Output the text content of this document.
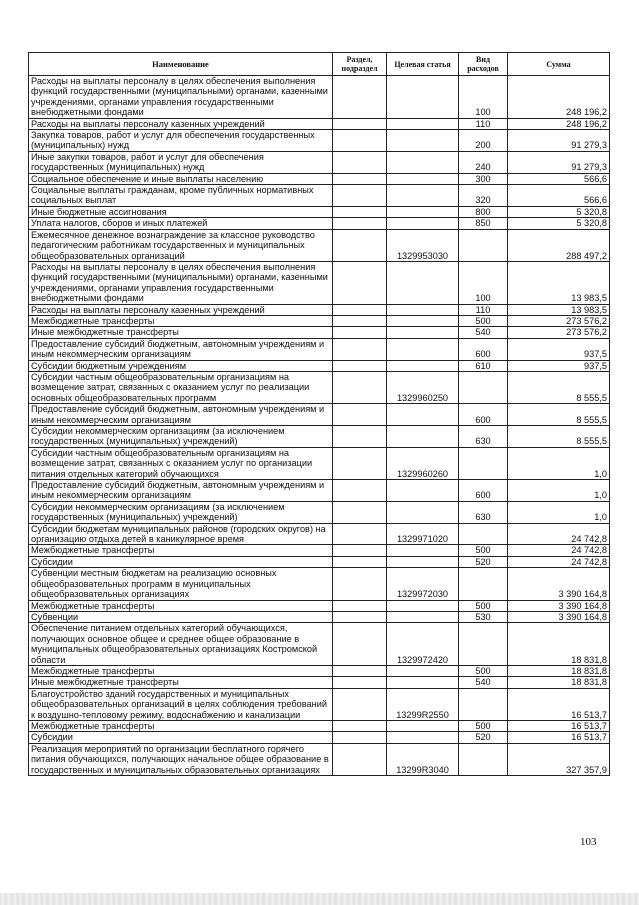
Наименование	Раздел, подраздел	Целевая статья	Вид расходов	Сумма
Расходы на выплаты персоналу в целях обеспечения выполнения функций государственными (муниципальными) органами, казенными учреждениями, органами управления государственными внебюджетными фондами			100	248 196,2
Расходы на выплаты персоналу казенных учреждений			110	248 196,2
Закупка товаров, работ и услуг для обеспечения государственных (муниципальных) нужд			200	91 279,3
Иные закупки товаров, работ и услуг для обеспечения государственных (муниципальных) нужд			240	91 279,3
Социальное обеспечение и иные выплаты населению			300	566,6
Социальные выплаты гражданам, кроме публичных нормативных социальных выплат			320	566,6
Иные бюджетные ассигнования			800	5 320,8
Уплата налогов, сборов и иных платежей			850	5 320,8
Ежемесячное денежное вознаграждение за классное руководство педагогическим работникам государственных и муниципальных общеобразовательных организаций		1329953030		288 497,2
Расходы на выплаты персоналу в целях обеспечения выполнения функций государственными (муниципальными) органами, казенными учреждениями, органами управления государственными внебюджетными фондами			100	13 983,5
Расходы на выплаты персоналу казенных учреждений			110	13 983,5
Межбюджетные трансферты			500	273 576,2
Иные межбюджетные трансферты			540	273 576,2
Предоставление субсидий бюджетным, автономным учреждениям и иным некоммерческим организациям			600	937,5
Субсидии бюджетным учреждениям			610	937,5
Субсидии частным общеобразовательным организациям на возмещение затрат, связанных с оказанием услуг по реализации основных общеобразовательных программ		1329960250		8 555,5
Предоставление субсидий бюджетным, автономным учреждениям и иным некоммерческим организациям			600	8 555,5
Субсидии некоммерческим организациям (за исключением государственных (муниципальных) учреждений)			630	8 555,5
Субсидии частным общеобразовательным организациям на возмещение затрат, связанных с оказанием услуг по организации питания отдельных категорий обучающихся		1329960260		1,0
Предоставление субсидий бюджетным, автономным учреждениям и иным некоммерческим организациям			600	1,0
Субсидии некоммерческим организациям (за исключением государственных (муниципальных) учреждений)			630	1,0
Субсидии бюджетам муниципальных районов (городских округов) на организацию отдыха детей в каникулярное время		1329971020		24 742,8
Межбюджетные трансферты			500	24 742,8
Субсидии			520	24 742,8
Субвенции местным бюджетам на реализацию основных общеобразовательных программ в муниципальных общеобразовательных организациях		1329972030		3 390 164,8
Межбюджетные трансферты			500	3 390 164,8
Субвенции			530	3 390 164,8
Обеспечение питанием отдельных категорий обучающихся, получающих основное общее и среднее общее образование в муниципальных общеобразовательных организациях Костромской области		1329972420		18 831,8
Межбюджетные трансферты			500	18 831,8
Иные межбюджетные трансферты			540	18 831,8
Благоустройство зданий государственных и муниципальных общеобразовательных организаций в целях соблюдения требований к воздушно-тепловому режиму, водоснабжению и канализации		13299R2550		16 513,7
Межбюджетные трансферты			500	16 513,7
Субсидии			520	16 513,7
Реализация мероприятий по организации бесплатного горячего питания обучающихся, получающих начальное общее образование в государственных и муниципальных образовательных организациях		13299R3040		327 357,9
103
